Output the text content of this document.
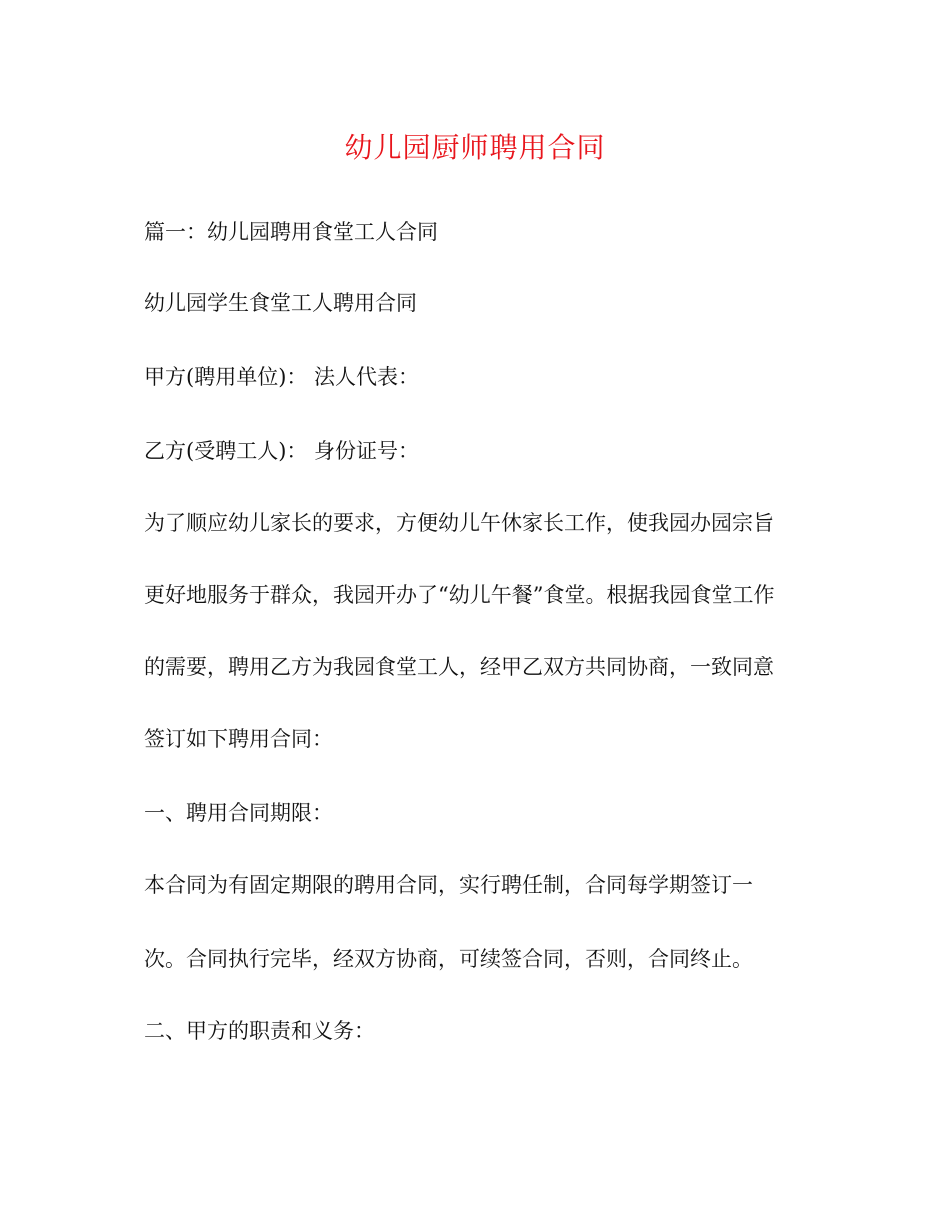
幼儿园厨师聘用合同

篇一：幼儿园聘用食堂工人合同

幼儿园学生食堂工人聘用合同

甲方(聘用单位)： 法人代表：

乙方(受聘工人)： 身份证号：

为了顺应幼儿家长的要求，方便幼儿午休家长工作，使我园办园宗旨

更好地服务于群众，我园开办了“幼儿午餐”食堂。根据我园食堂工作

的需要，聘用乙方为我园食堂工人，经甲乙双方共同协商，一致同意

签订如下聘用合同：

一、聘用合同期限：

本合同为有固定期限的聘用合同，实行聘任制，合同每学期签订一

次。合同执行完毕，经双方协商，可续签合同，否则，合同终止。

二、甲方的职责和义务：
